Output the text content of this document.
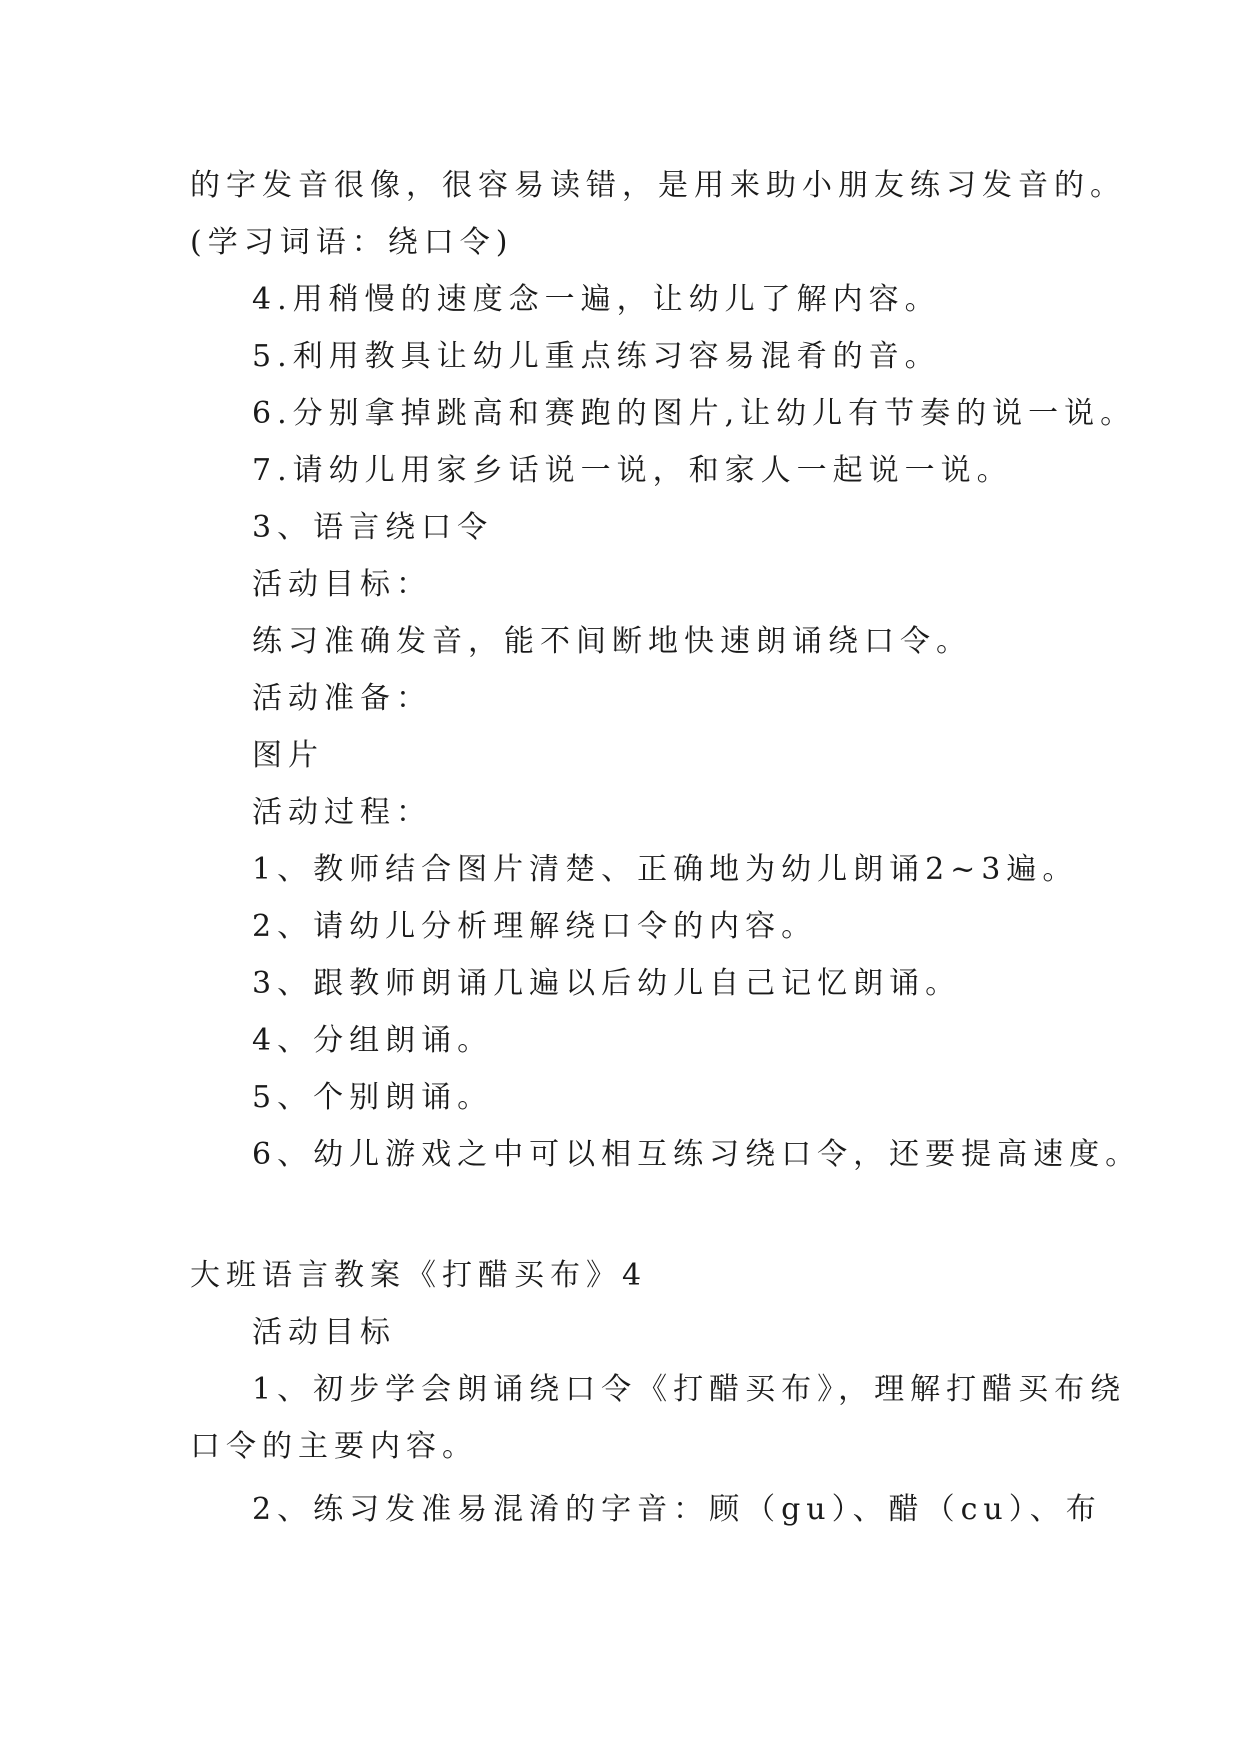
的字发音很像，很容易读错，是用来助小朋友练习发音的。
(学习词语：绕口令)
4.用稍慢的速度念一遍，让幼儿了解内容。
5.利用教具让幼儿重点练习容易混肴的音。
6.分别拿掉跳高和赛跑的图片,让幼儿有节奏的说一说。
7.请幼儿用家乡话说一说，和家人一起说一说。
3、语言绕口令
活动目标：
练习准确发音，能不间断地快速朗诵绕口令。
活动准备：
图片
活动过程：
1、教师结合图片清楚、正确地为幼儿朗诵2~3遍。
2、请幼儿分析理解绕口令的内容。
3、跟教师朗诵几遍以后幼儿自己记忆朗诵。
4、分组朗诵。
5、个别朗诵。
6、幼儿游戏之中可以相互练习绕口令，还要提高速度。
大班语言教案《打醋买布》4
活动目标
1、初步学会朗诵绕口令《打醋买布》，理解打醋买布绕
口令的主要内容。
2、练习发准易混淆的字音：顾（gu）、醋（cu）、布
